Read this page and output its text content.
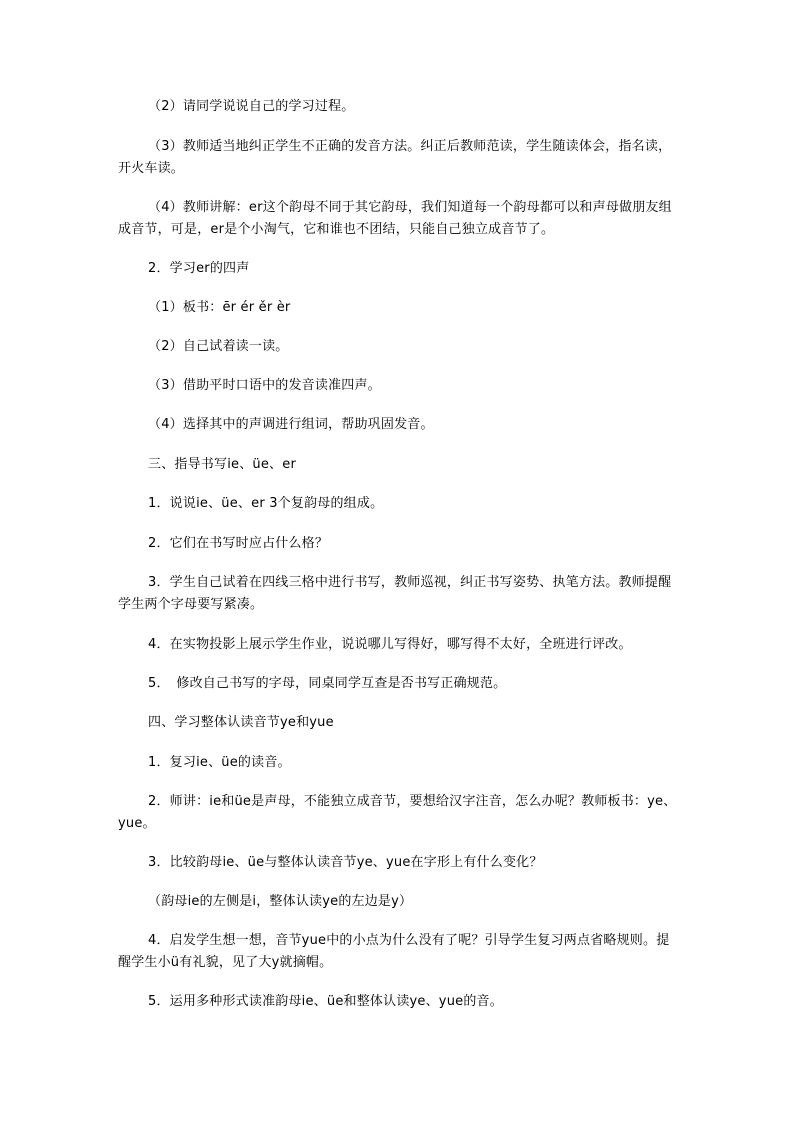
（2）请同学说说自己的学习过程。

（3）教师适当地纠正学生不正确的发音方法。纠正后教师范读，学生随读体会，指名读，开火车读。

（4）教师讲解：er这个韵母不同于其它韵母，我们知道每一个韵母都可以和声母做朋友组成音节，可是，er是个小淘气，它和谁也不团结，只能自己独立成音节了。

2．学习er的四声

（1）板书：ēr ér ěr èr

（2）自己试着读一读。

（3）借助平时口语中的发音读准四声。

（4）选择其中的声调进行组词，帮助巩固发音。

三、指导书写ie、üe、er

1．说说ie、üe、er 3个复韵母的组成。

2．它们在书写时应占什么格？

3．学生自己试着在四线三格中进行书写，教师巡视，纠正书写姿势、执笔方法。教师提醒学生两个字母要写紧凑。

4．在实物投影上展示学生作业，说说哪儿写得好，哪写得不太好，全班进行评改。

5．　修改自己书写的字母，同桌同学互查是否书写正确规范。

四、学习整体认读音节ye和yue

1．复习ie、üe的读音。

2．师讲：ie和üe是声母，不能独立成音节，要想给汉字注音，怎么办呢？教师板书：ye、yue。

3．比较韵母ie、üe与整体认读音节ye、yue在字形上有什么变化？

（韵母ie的左侧是i，整体认读ye的左边是y）

4．启发学生想一想，音节yue中的小点为什么没有了呢？引导学生复习两点省略规则。提醒学生小ü有礼貌，见了大y就摘帽。

5．运用多种形式读准韵母ie、üe和整体认读ye、yue的音。
